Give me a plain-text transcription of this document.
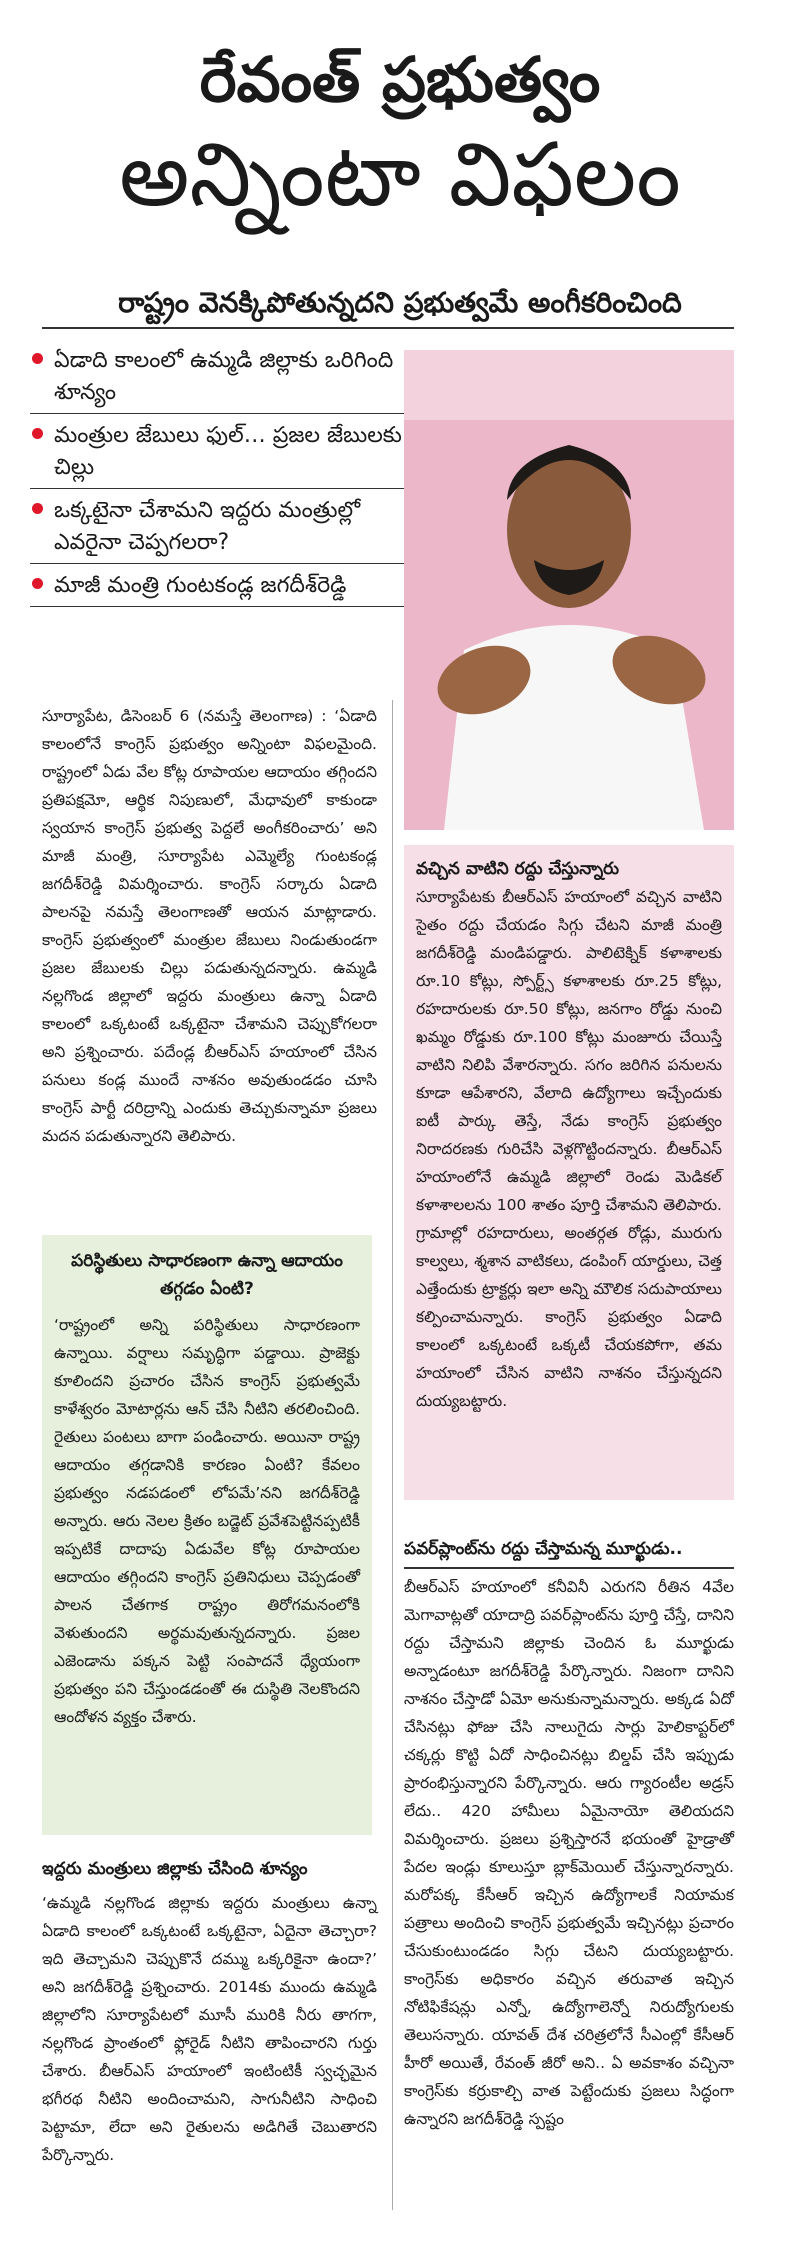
రేవంత్ ప్రభుత్వం
అన్నింటా విఫలం
రాష్ట్రం వెనక్కిపోతున్నదని ప్రభుత్వమే అంగీకరించింది
ఏడాది కాలంలో ఉమ్మడి జిల్లాకు ఒరిగింది శూన్యం
మంత్రుల జేబులు ఫుల్… ప్రజల జేబులకు చిల్లు
ఒక్కటైనా చేశామని ఇద్దరు మంత్రుల్లో ఎవరైనా చెప్పగలరా?
మాజీ మంత్రి గుంటకండ్ల జగదీశ్‌రెడ్డి
సూర్యాపేట, డిసెంబర్ 6 (నమస్తే తెలంగాణ) : ‘ఏడాది కాలంలోనే కాంగ్రెస్ ప్రభుత్వం అన్నింటా విఫలమైంది. రాష్ట్రంలో ఏడు వేల కోట్ల రూపాయల ఆదాయం తగ్గిందని ప్రతిపక్షమో, ఆర్థిక నిపుణులో, మేధావులో కాకుండా స్వయాన కాంగ్రెస్ ప్రభుత్వ పెద్దలే అంగీకరించారు’ అని మాజీ మంత్రి, సూర్యాపేట ఎమ్మెల్యే గుంటకండ్ల జగదీశ్‌రెడ్డి విమర్శించారు. కాంగ్రెస్ సర్కారు ఏడాది పాలనపై నమస్తే తెలంగాణతో ఆయన మాట్లాడారు. కాంగ్రెస్ ప్రభుత్వంలో మంత్రుల జేబులు నిండుతుండగా ప్రజల జేబులకు చిల్లు పడుతున్నదన్నారు. ఉమ్మడి నల్లగొండ జిల్లాలో ఇద్దరు మంత్రులు ఉన్నా ఏడాది కాలంలో ఒక్కటంటే ఒక్కటైనా చేశామని చెప్పుకోగలరా అని ప్రశ్నించారు. పదేండ్ల బీఆర్‌ఎస్ హయాంలో చేసిన పనులు కండ్ల ముందే నాశనం అవుతుండడం చూసి కాంగ్రెస్ పార్టీ దరిద్రాన్ని ఎందుకు తెచ్చుకున్నామా ప్రజలు మదన పడుతున్నారని తెలిపారు.
పరిస్థితులు సాధారణంగా ఉన్నా ఆదాయం తగ్గడం ఏంటి?
‘రాష్ట్రంలో అన్ని పరిస్థితులు సాధారణంగా ఉన్నాయి. వర్షాలు సమృద్ధిగా పడ్డాయి. ప్రాజెక్టు కూలిందని ప్రచారం చేసిన కాంగ్రెస్ ప్రభుత్వమే కాళేశ్వరం మోటార్లను ఆన్ చేసి నీటిని తరలించింది. రైతులు పంటలు బాగా పండించారు. అయినా రాష్ట్ర ఆదాయం తగ్గడానికి కారణం ఏంటి? కేవలం ప్రభుత్వం నడపడంలో లోపమే’నని జగదీశ్‌రెడ్డి అన్నారు. ఆరు నెలల క్రితం బడ్జెట్ ప్రవేశపెట్టినప్పటికీ ఇప్పటికే దాదాపు ఏడువేల కోట్ల రూపాయల ఆదాయం తగ్గిందని కాంగ్రెస్ ప్రతినిధులు చెప్పడంతో పాలన చేతగాక రాష్ట్రం తిరోగమనంలోకి వెళుతుందని అర్థమవుతున్నదన్నారు. ప్రజల ఎజెండాను పక్కన పెట్టి సంపాదనే ధ్యేయంగా ప్రభుత్వం పని చేస్తుండడంతో ఈ దుస్థితి నెలకొందని ఆందోళన వ్యక్తం చేశారు.
వచ్చిన వాటిని రద్దు చేస్తున్నారు
సూర్యాపేటకు బీఆర్‌ఎస్ హయాంలో వచ్చిన వాటిని సైతం రద్దు చేయడం సిగ్గు చేటని మాజీ మంత్రి జగదీశ్‌రెడ్డి మండిపడ్డారు. పాలిటెక్నిక్ కళాశాలకు రూ.10 కోట్లు, స్పోర్ట్స్ కళాశాలకు రూ.25 కోట్లు, రహదారులకు రూ.50 కోట్లు, జనగాం రోడ్డు నుంచి ఖమ్మం రోడ్డుకు రూ.100 కోట్లు మంజూరు చేయిస్తే వాటిని నిలిపి వేశారన్నారు. సగం జరిగిన పనులను కూడా ఆపేశారని, వేలాది ఉద్యోగాలు ఇచ్చేందుకు ఐటీ పార్కు తెస్తే, నేడు కాంగ్రెస్ ప్రభుత్వం నిరాదరణకు గురిచేసి వెళ్లగొట్టిందన్నారు. బీఆర్‌ఎస్ హయాంలోనే ఉమ్మడి జిల్లాలో రెండు మెడికల్ కళాశాలలను 100 శాతం పూర్తి చేశామని తెలిపారు. గ్రామాల్లో రహదారులు, అంతర్గత రోడ్లు, మురుగు కాల్వలు, శ్మశాన వాటికలు, డంపింగ్ యార్డులు, చెత్త ఎత్తేందుకు ట్రాక్టర్లు ఇలా అన్ని మౌలిక సదుపాయాలు కల్పించామన్నారు. కాంగ్రెస్ ప్రభుత్వం ఏడాది కాలంలో ఒక్కటంటే ఒక్కటీ చేయకపోగా, తమ హయాంలో చేసిన వాటిని నాశనం చేస్తున్నదని దుయ్యబట్టారు.
పవర్‌ప్లాంట్‌ను రద్దు చేస్తామన్న మూర్ఖుడు..
బీఆర్‌ఎస్ హయాంలో కనీవినీ ఎరుగని రీతిన 4వేల మెగావాట్లతో యాదాద్రి పవర్‌ప్లాంట్‌ను పూర్తి చేస్తే, దానిని రద్దు చేస్తామని జిల్లాకు చెందిన ఓ మూర్ఖుడు అన్నాడంటూ జగదీశ్‌రెడ్డి పేర్కొన్నారు. నిజంగా దానిని నాశనం చేస్తాడో ఏమో అనుకున్నామన్నారు. అక్కడ ఏదో చేసినట్లు ఫోజు చేసి నాలుగైదు సార్లు హెలికాప్టర్‌లో చక్కర్లు కొట్టి ఏదో సాధించినట్లు బిల్డప్ చేసి ఇప్పుడు ప్రారంభిస్తున్నారని పేర్కొన్నారు. ఆరు గ్యారంటీల అడ్రస్ లేదు.. 420 హామీలు ఏమైనాయో తెలియదని విమర్శించారు. ప్రజలు ప్రశ్నిస్తారనే భయంతో హైడ్రాతో పేదల ఇండ్లు కూలుస్తూ బ్లాక్‌మెయిల్ చేస్తున్నారన్నారు. మరోపక్క కేసీఆర్ ఇచ్చిన ఉద్యోగాలకే నియామక పత్రాలు అందించి కాంగ్రెస్ ప్రభుత్వమే ఇచ్చినట్లు ప్రచారం చేసుకుంటుండడం సిగ్గు చేటని దుయ్యబట్టారు. కాంగ్రెస్‌కు అధికారం వచ్చిన తరువాత ఇచ్చిన నోటిఫికేషన్లు ఎన్నో, ఉద్యోగాలెన్నో నిరుద్యోగులకు తెలుసన్నారు. యావత్ దేశ చరిత్రలోనే సీఎంల్లో కేసీఆర్ హీరో అయితే, రేవంత్ జీరో అని.. ఏ అవకాశం వచ్చినా కాంగ్రెస్‌కు కర్రుకాల్చి వాత పెట్టేందుకు ప్రజలు సిద్ధంగా ఉన్నారని జగదీశ్‌రెడ్డి స్పష్టం
ఇద్దరు మంత్రులు జిల్లాకు చేసింది శూన్యం
‘ఉమ్మడి నల్లగొండ జిల్లాకు ఇద్దరు మంత్రులు ఉన్నా ఏడాది కాలంలో ఒక్కటంటే ఒక్కటైనా, ఏదైనా తెచ్చారా? ఇది తెచ్చామని చెప్పుకొనే దమ్ము ఒక్కరికైనా ఉందా?’ అని జగదీశ్‌రెడ్డి ప్రశ్నించారు. 2014కు ముందు ఉమ్మడి జిల్లాలోని సూర్యాపేటలో మూసీ మురికి నీరు తాగగా, నల్లగొండ ప్రాంతంలో ఫ్లోరైడ్ నీటిని తాపించారని గుర్తు చేశారు. బీఆర్‌ఎస్ హయాంలో ఇంటింటికీ స్వచ్ఛమైన భగీరథ నీటిని అందించామని, సాగునీటిని సాధించి పెట్టామా, లేదా అని రైతులను అడిగితే చెబుతారని పేర్కొన్నారు.
